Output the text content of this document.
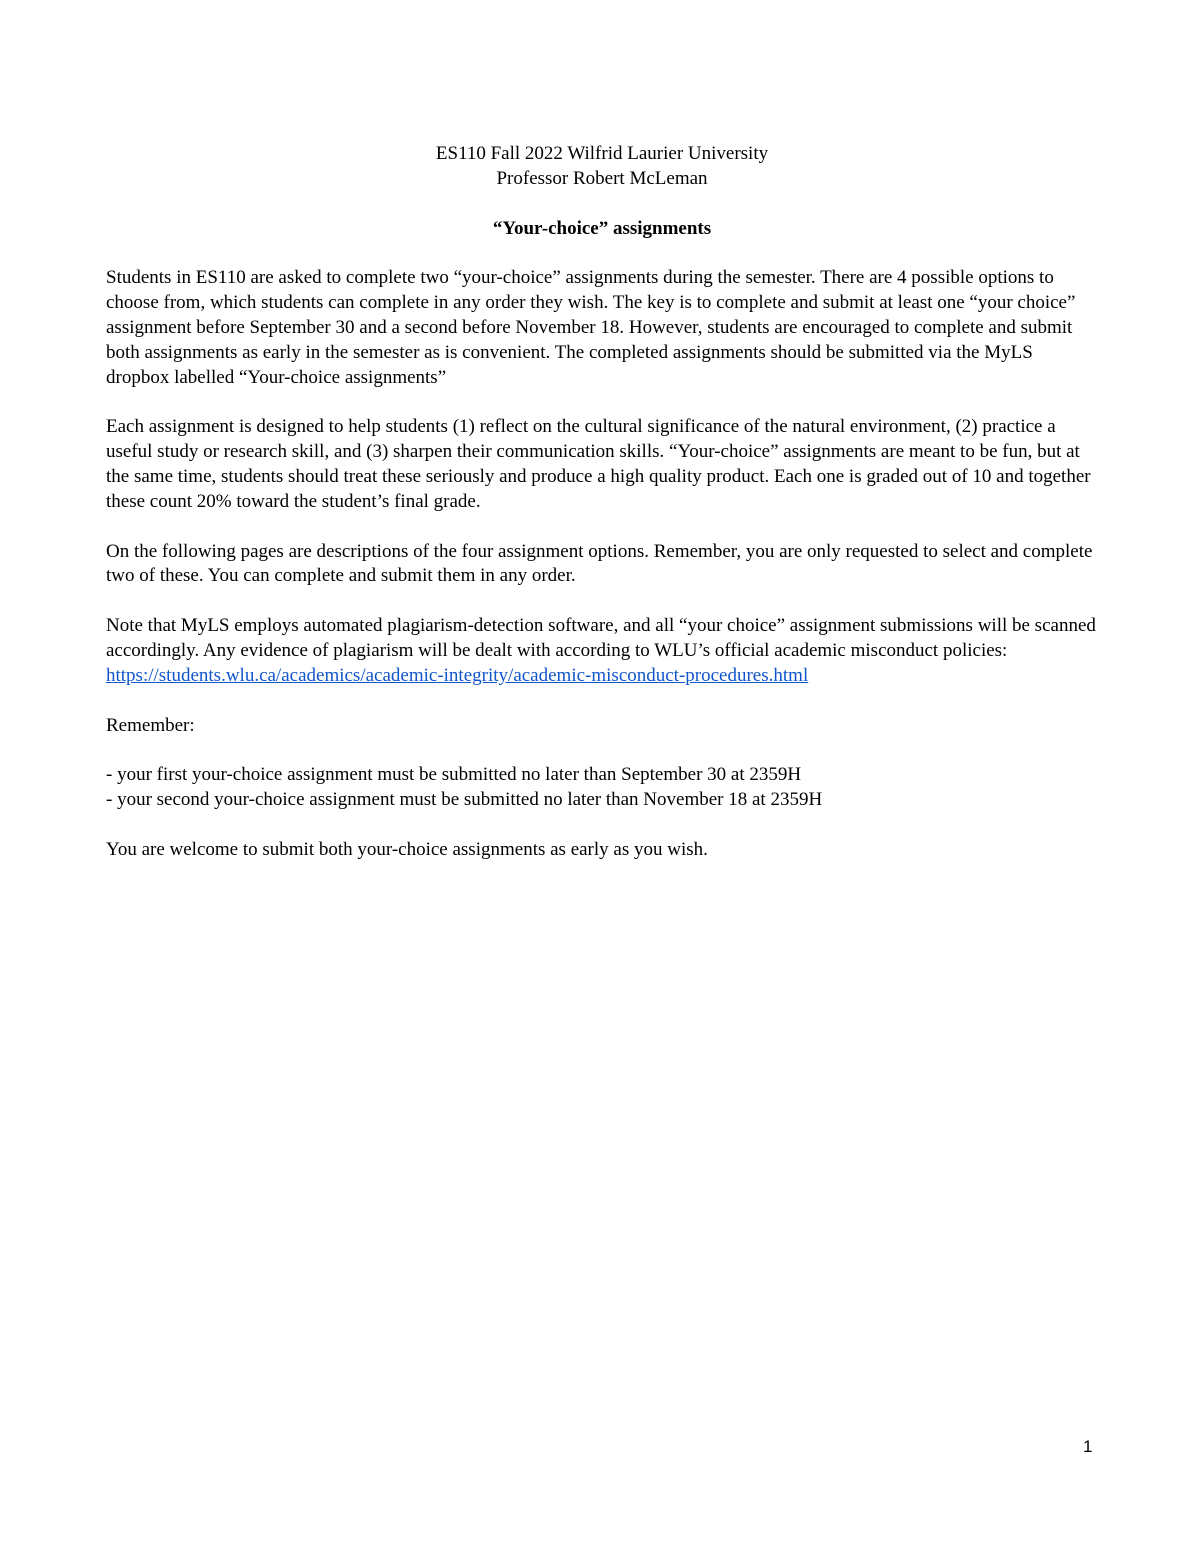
ES110 Fall 2022 Wilfrid Laurier University

Professor Robert McLeman

“Your-choice” assignments

Students in ES110 are asked to complete two “your-choice” assignments during the semester. There are 4 possible options to choose from, which students can complete in any order they wish. The key is to complete and submit at least one “your choice” assignment before September 30 and a second before November 18. However, students are encouraged to complete and submit both assignments as early in the semester as is convenient. The completed assignments should be submitted via the MyLS dropbox labelled “Your-choice assignments”

Each assignment is designed to help students (1) reflect on the cultural significance of the natural environment, (2) practice a useful study or research skill, and (3) sharpen their communication skills. “Your-choice” assignments are meant to be fun, but at the same time, students should treat these seriously and produce a high quality product. Each one is graded out of 10 and together these count 20% toward the student’s final grade.

On the following pages are descriptions of the four assignment options. Remember, you are only requested to select and complete two of these. You can complete and submit them in any order.

Note that MyLS employs automated plagiarism-detection software, and all “your choice” assignment submissions will be scanned accordingly. Any evidence of plagiarism will be dealt with according to WLU’s official academic misconduct policies: https://students.wlu.ca/academics/academic-integrity/academic-misconduct-procedures.html

Remember:

- your first your-choice assignment must be submitted no later than September 30 at 2359H

- your second your-choice assignment must be submitted no later than November 18 at 2359H

You are welcome to submit both your-choice assignments as early as you wish.

1
